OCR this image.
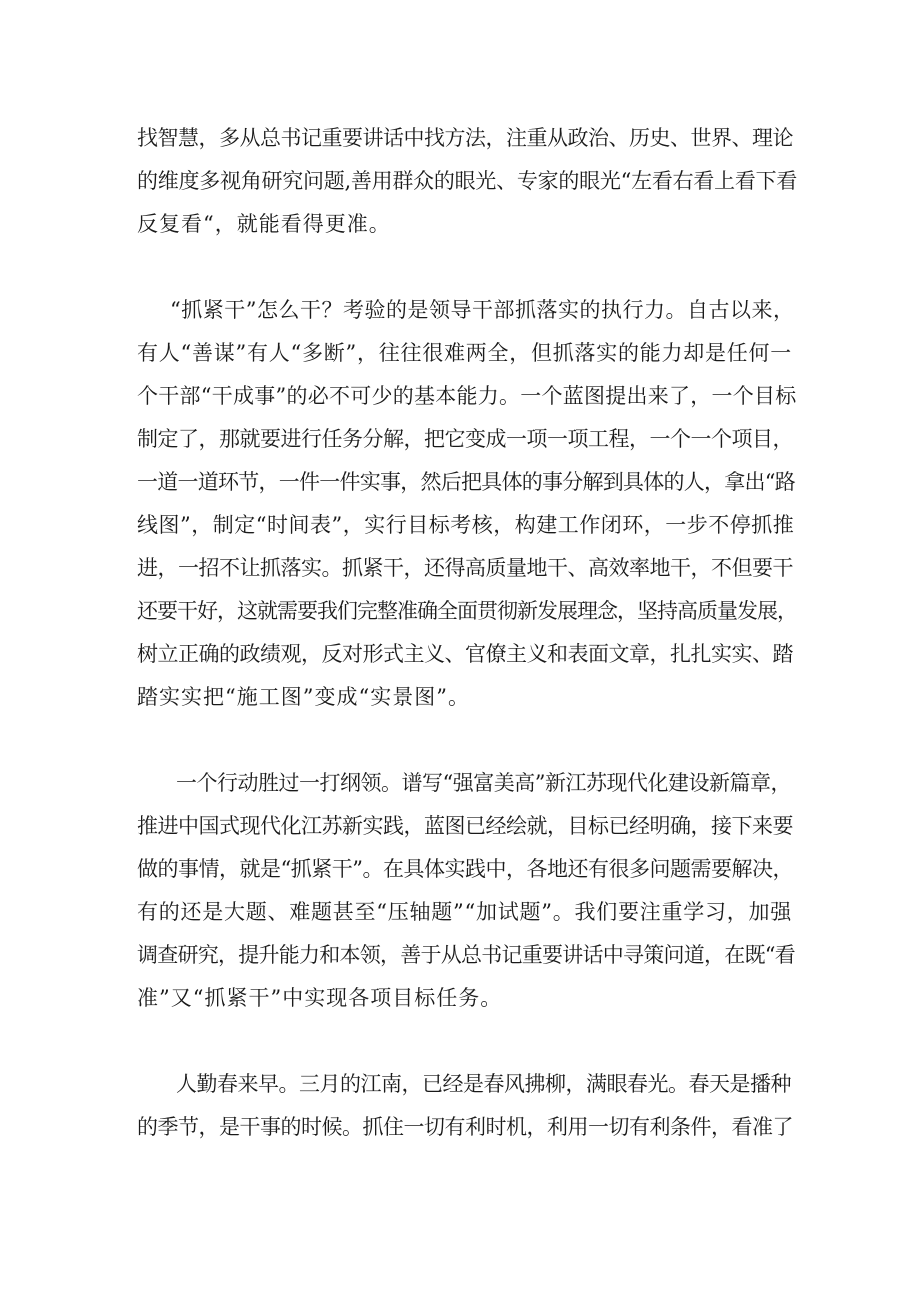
找智慧，多从总书记重要讲话中找方法，注重从政治、历史、世界、理论
的维度多视角研究问题,善用群众的眼光、专家的眼光“左看右看上看下看
反复看“，就能看得更准。
“抓紧干”怎么干？考验的是领导干部抓落实的执行力。自古以来，
有人“善谋”有人“多断”，往往很难两全，但抓落实的能力却是任何一
个干部“干成事”的必不可少的基本能力。一个蓝图提出来了，一个目标
制定了，那就要进行任务分解，把它变成一项一项工程，一个一个项目，
一道一道环节，一件一件实事，然后把具体的事分解到具体的人，拿出“路
线图”，制定“时间表”，实行目标考核，构建工作闭环，一步不停抓推
进，一招不让抓落实。抓紧干，还得高质量地干、高效率地干，不但要干
还要干好，这就需要我们完整准确全面贯彻新发展理念，坚持高质量发展，
树立正确的政绩观，反对形式主义、官僚主义和表面文章，扎扎实实、踏
踏实实把“施工图”变成“实景图”。
一个行动胜过一打纲领。谱写“强富美高”新江苏现代化建设新篇章，
推进中国式现代化江苏新实践，蓝图已经绘就，目标已经明确，接下来要
做的事情，就是“抓紧干”。在具体实践中，各地还有很多问题需要解决，
有的还是大题、难题甚至“压轴题”“加试题”。我们要注重学习，加强
调查研究，提升能力和本领，善于从总书记重要讲话中寻策问道，在既“看
准”又“抓紧干”中实现各项目标任务。
人勤春来早。三月的江南，已经是春风拂柳，满眼春光。春天是播种
的季节，是干事的时候。抓住一切有利时机，利用一切有利条件，看准了
